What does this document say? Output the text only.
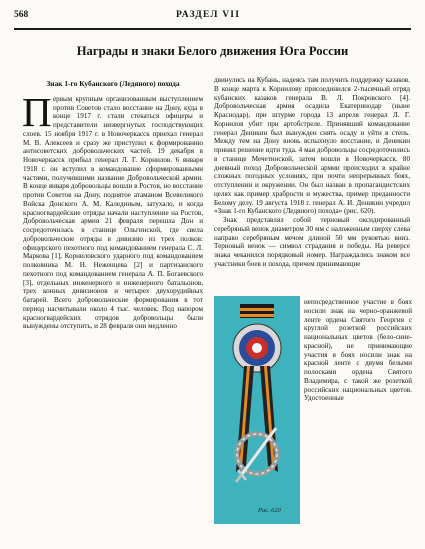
568	РАЗДЕЛ VII
Награды и знаки Белого движения Юга России
Знак 1-го Кубанского (Ледяного) похода

Первым крупным организованным выступлением против Советов стало восстание на Дону, куда в конце 1917 г. стали стекаться офицеры и представители низвергнутых господствующих слоев. 15 ноября 1917 г. в Новочеркасск приехал генерал М. В. Алексеев и сразу же приступил к формированию антисоветских добровольческих частей. 19 декабря в Новочеркасск прибыл генерал Л. Г. Корнилов. 6 января 1918 г. он вступил в командование сформированными частями, получившими название Добровольческой армии. В конце января добровольцы вошли в Ростов, но восстание против Советов на Дону, поднятое атаманом Всевеликого Войска Донского А. М. Калединым, затухало, и когда красногвардейские отряды начали наступление на Ростов, Добровольческая армия 21 февраля перешла Дон и сосредоточилась в станице Ольгинской, где свела добровольческие отряды в дивизию из трех полков: офицерского пехотного под командованием генерала С. Л. Маркова [1], Корниловского ударного под командованием полковника М. Н. Неженцева [2] и партизанского пехотного под командованием генерала А. П. Богаевского [3], отдельных инженерного и инженерного батальонов, трех конных дивизионов и четырех двухорудийных батарей. Всего добровольческие формирования в тот период насчитывали около 4 тыс. человек. Под напором красногвардейских отрядов добровольцы были вынуждены отступить, и 28 февраля они медленно

двинулись на Кубань, надеясь там получить поддержку казаков. В конце марта к Корнилову присоединился 2-тысячный отряд кубанских казаков генерала В. Л. Покровского [4]. Добровольческая армия осадила Екатеринодар (ныне Краснодар), при штурме города 13 апреля генерал Л. Г. Корнилов убит при артобстреле. Принявший командование генерал Деникин был вынужден снять осаду и уйти в степь. Между тем на Дону вновь вспыхнуло восстание, и Деникин принял решение идти туда. 4 мая добровольцы сосредоточились в станице Мечетинской, затем вошли в Новочеркасск. 80 дневный поход Добровольческой армии происходил в крайне сложных погодных условиях, при почти непрерывных боях, отступлении и окружении. Он был назван в пропагандистских целях как пример храбрости и мужества, пример преданности Белому делу. 19 августа 1918 г. генерал А. И. Деникин учредил «Знак 1-го Кубанского (Ледяного) похода» (рис. 620).

Знак представлял собой терновый оксидированный серебряный венок диаметром 30 мм с наложенным сверху слева направо серебряным мечом длиной 50 мм рукоятью вниз. Терновый венок — символ страдания и победы. На реверсе знака чеканился порядковый номер. Награждались знаком все участники боев и похода, причем принимающие

Рис. 620
непосредственное участие в боях носили знак на черно-оранжевой ленте ордена Святого Георгия с круглой розеткой российских национальных цветов (бело-сине-красной), не принимающие участия в боях носили знак на красной ленте с двумя белыми полосками ордена Святого Владимира, с такой же розеткой российских национальных цветов. Удостоенные
